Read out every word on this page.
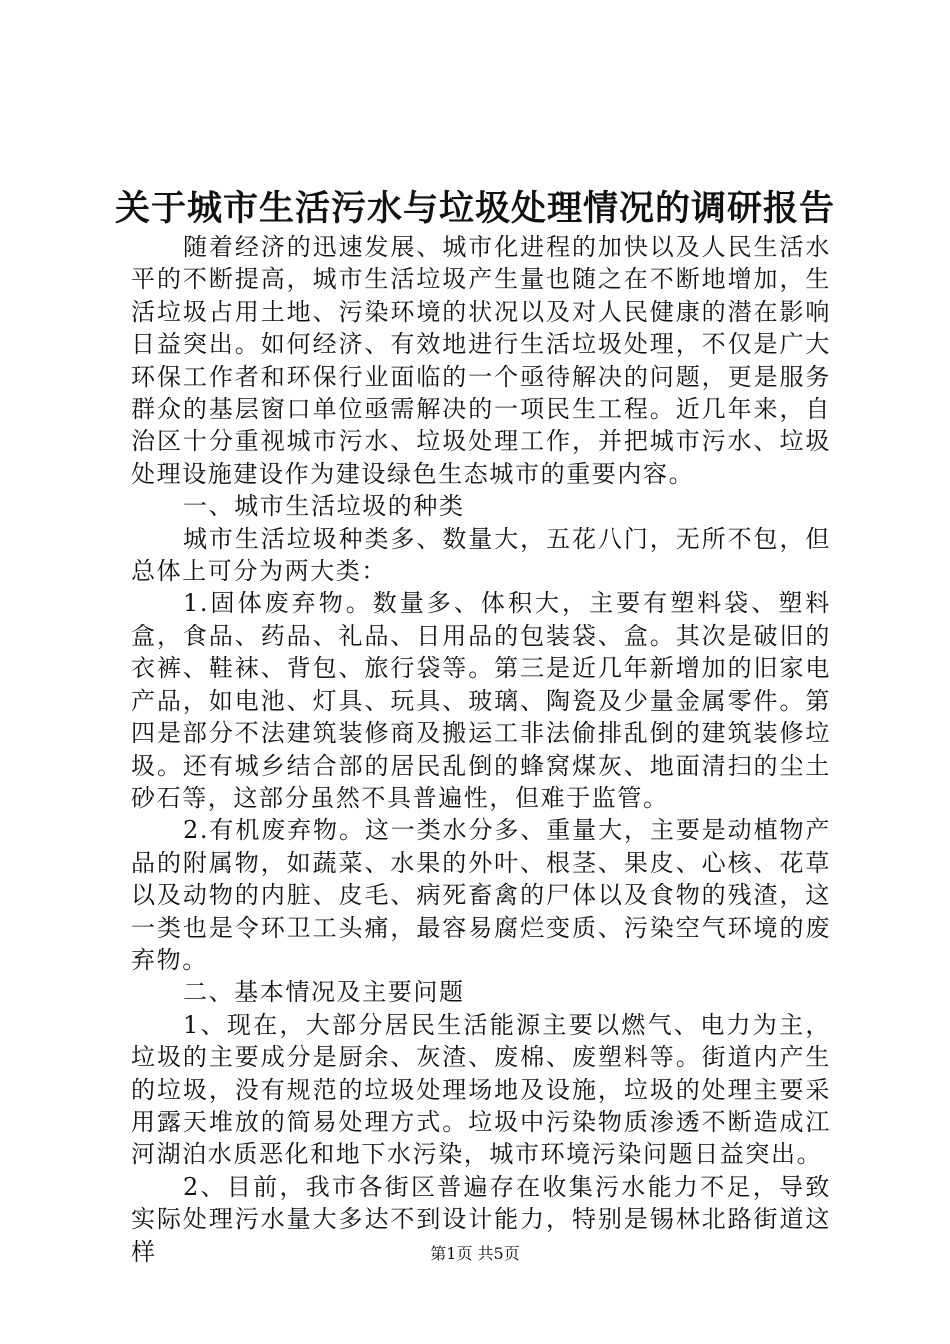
关于城市生活污水与垃圾处理情况的调研报告

随着经济的迅速发展、城市化进程的加快以及人民生活水平的不断提高，城市生活垃圾产生量也随之在不断地增加，生活垃圾占用土地、污染环境的状况以及对人民健康的潜在影响日益突出。如何经济、有效地进行生活垃圾处理，不仅是广大环保工作者和环保行业面临的一个亟待解决的问题，更是服务群众的基层窗口单位亟需解决的一项民生工程。近几年来，自治区十分重视城市污水、垃圾处理工作，并把城市污水、垃圾处理设施建设作为建设绿色生态城市的重要内容。

一、城市生活垃圾的种类

城市生活垃圾种类多、数量大，五花八门，无所不包，但总体上可分为两大类：

1.固体废弃物。数量多、体积大，主要有塑料袋、塑料盒，食品、药品、礼品、日用品的包装袋、盒。其次是破旧的衣裤、鞋袜、背包、旅行袋等。第三是近几年新增加的旧家电产品，如电池、灯具、玩具、玻璃、陶瓷及少量金属零件。第四是部分不法建筑装修商及搬运工非法偷排乱倒的建筑装修垃圾。还有城乡结合部的居民乱倒的蜂窝煤灰、地面清扫的尘土砂石等，这部分虽然不具普遍性，但难于监管。

2.有机废弃物。这一类水分多、重量大，主要是动植物产品的附属物，如蔬菜、水果的外叶、根茎、果皮、心核、花草以及动物的内脏、皮毛、病死畜禽的尸体以及食物的残渣，这一类也是令环卫工头痛，最容易腐烂变质、污染空气环境的废弃物。

二、基本情况及主要问题

1、现在，大部分居民生活能源主要以燃气、电力为主，垃圾的主要成分是厨余、灰渣、废棉、废塑料等。街道内产生的垃圾，没有规范的垃圾处理场地及设施，垃圾的处理主要采用露天堆放的简易处理方式。垃圾中污染物质渗透不断造成江河湖泊水质恶化和地下水污染，城市环境污染问题日益突出。

2、目前，我市各街区普遍存在收集污水能力不足，导致实际处理污水量大多达不到设计能力，特别是锡林北路街道这样	第1页 共5页
